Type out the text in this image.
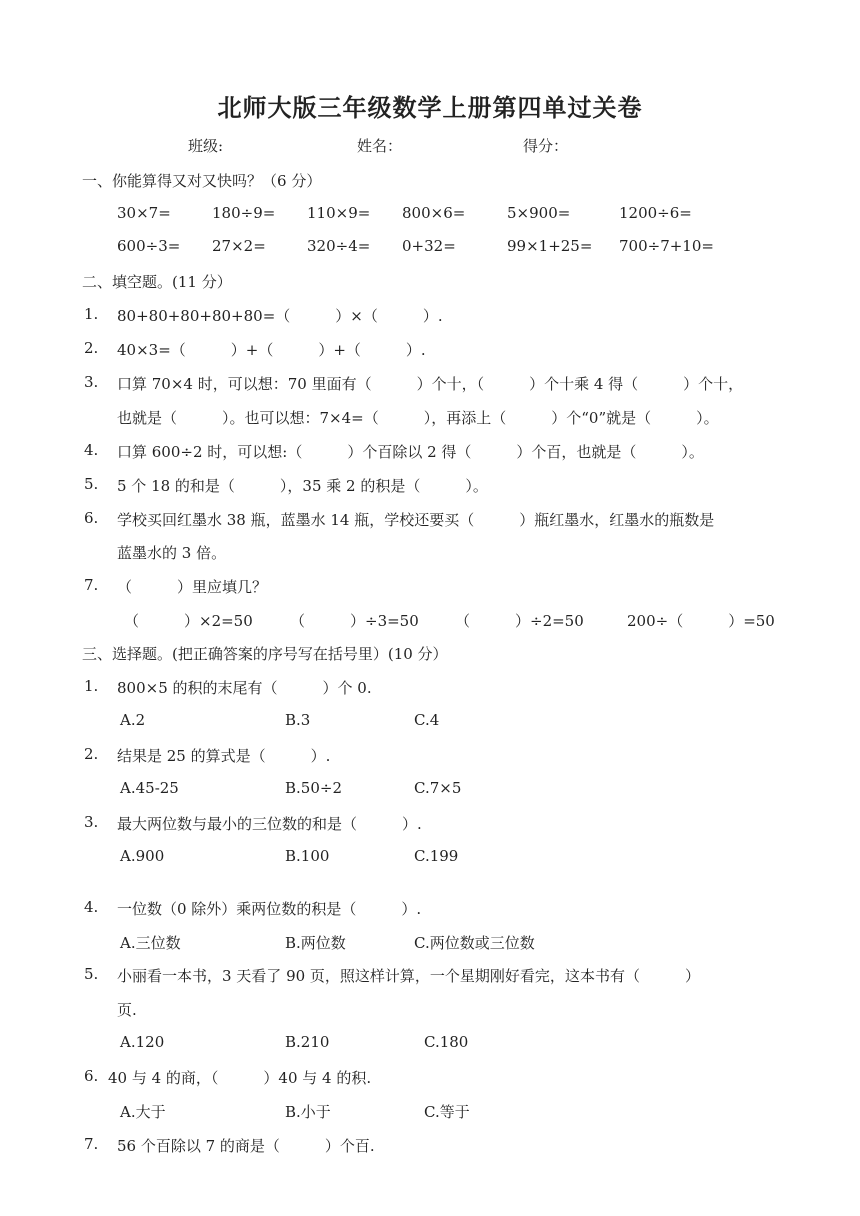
北师大版三年级数学上册第四单过关卷
班级:	姓名：	得分：
一、你能算得又对又快吗？（6 分）
30×7=	180÷9= 110×9= 800×6=	5×900=	1200÷6=
600÷3= 27×2=	320÷4= 0+32=	99×1+25= 700÷7+10=
二、填空题。(11 分）
1. 80+80+80+80+80=（　　　）×（　　　）.
2. 40×3=（　　　）+（　　　）+（　　　）.
3. 口算 70×4 时，可以想：70 里面有（　　　）个十，（　　　）个十乘 4 得（　　　）个十，
也就是（　　　）。也可以想：7×4=（　　　），再添上（　　　）个“0”就是（　　　）。
4. 口算 600÷2 时，可以想:（　　　）个百除以 2 得（　　　）个百，也就是（　　　）。
5. 5 个 18 的和是（　　　），35 乘 2 的积是（　　　）。
6. 学校买回红墨水 38 瓶，蓝墨水 14 瓶，学校还要买（　　　）瓶红墨水，红墨水的瓶数是
蓝墨水的 3 倍。
7. （　　　）里应填几？
（　　　）×2=50 （　　　）÷3=50 （　　　）÷2=50	200÷（　　　）=50
三、选择题。(把正确答案的序号写在括号里）(10 分）
1. 800×5 的积的末尾有（　　　）个 0.
A.2	B.3	C.4
2. 结果是 25 的算式是（　　　）.
A.45-25	B.50÷2	C.7×5
3. 最大两位数与最小的三位数的和是（　　　）.
A.900	B.100	C.199
4. 一位数（0 除外）乘两位数的积是（　　　）.
A.三位数	B.两位数	C.两位数或三位数
5. 小丽看一本书，3 天看了 90 页，照这样计算，一个星期刚好看完，这本书有（　　　）
页.
A.120	B.210	C.180
6. 40 与 4 的商，（　　　）40 与 4 的积.
A.大于	B.小于	C.等于
7. 56 个百除以 7 的商是（　　　）个百.
